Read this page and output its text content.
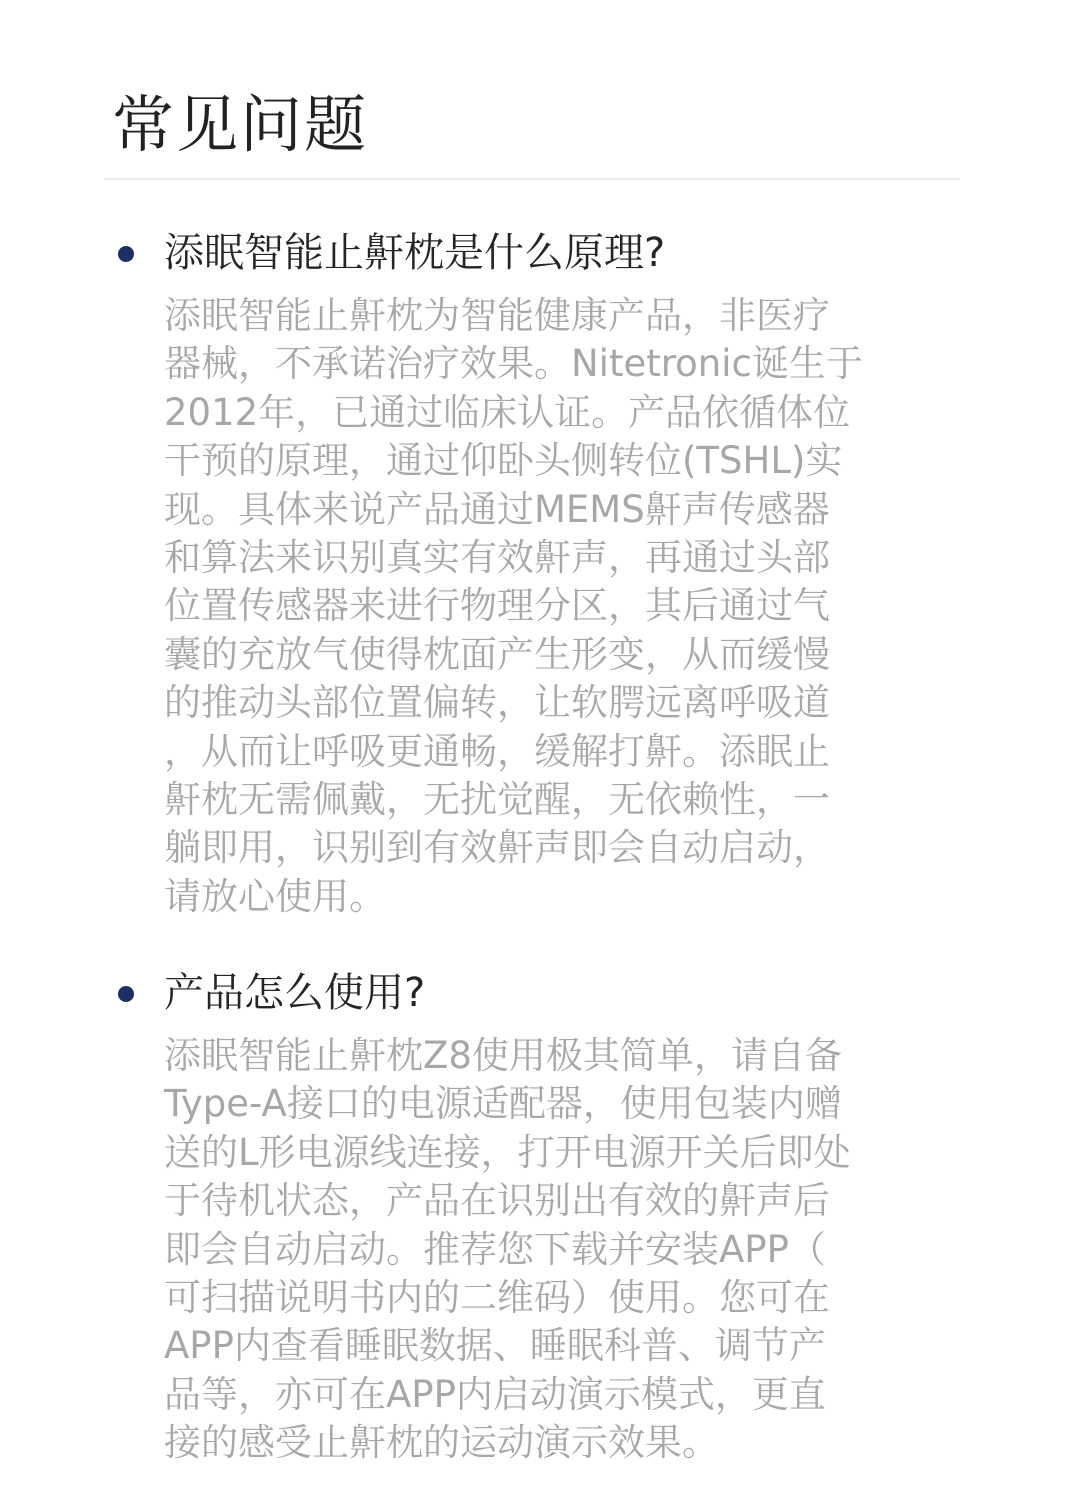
常见问题
添眠智能止鼾枕是什么原理?

添眠智能止鼾枕为智能健康产品，非医疗
器械，不承诺治疗效果。Nitetronic诞生于
2012年，已通过临床认证。产品依循体位
干预的原理，通过仰卧头侧转位(TSHL)实
现。具体来说产品通过MEMS鼾声传感器
和算法来识别真实有效鼾声，再通过头部
位置传感器来进行物理分区，其后通过气
囊的充放气使得枕面产生形变，从而缓慢
的推动头部位置偏转，让软腭远离呼吸道
，从而让呼吸更通畅，缓解打鼾。添眠止
鼾枕无需佩戴，无扰觉醒，无依赖性，一
躺即用，识别到有效鼾声即会自动启动，
请放心使用。

产品怎么使用?

添眠智能止鼾枕Z8使用极其简单，请自备
Type-A接口的电源适配器，使用包装内赠
送的L形电源线连接，打开电源开关后即处
于待机状态，产品在识别出有效的鼾声后
即会自动启动。推荐您下载并安装APP（
可扫描说明书内的二维码）使用。您可在
APP内查看睡眠数据、睡眠科普、调节产
品等，亦可在APP内启动演示模式，更直
接的感受止鼾枕的运动演示效果。
